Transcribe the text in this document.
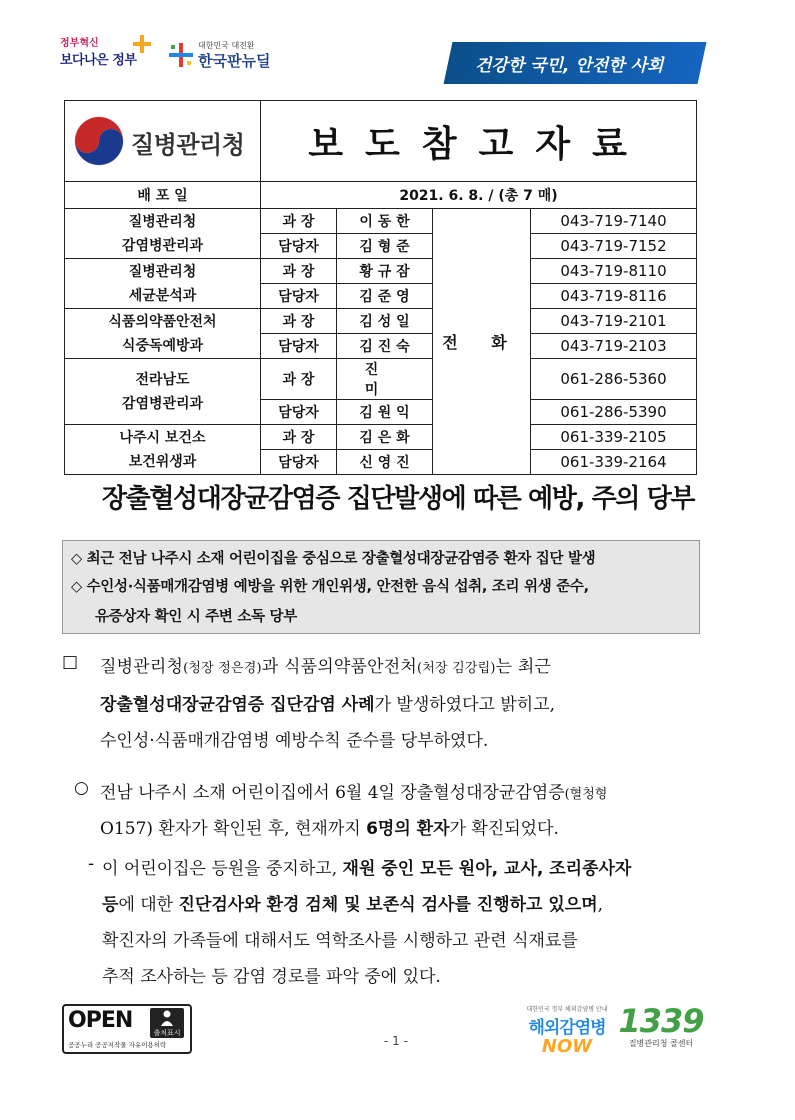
정부혁신
보다나은 정부
대한민국 대전환
한국판뉴딜	건강한 국민, 안전한 사회
질병관리청	보도참고자료			
배 포 일	2021. 6. 8. / (총 7 매)			
질병관리청
감염병관리과	과 장	이 동 한	전 화	043-719-7140
	담당자	김 형 준		043-719-7152
질병관리청
세균분석과	과 장	황 규 잠		043-719-8110
	담당자	김 준 영		043-719-8116
식품의약품안전처
식중독예방과	과 장	김 성 일		043-719-2101
	담당자	김 진 숙		043-719-2103
전라남도
감염병관리과	과 장	진 미		061-286-5360
	담당자	김 원 익		061-286-5390
나주시 보건소
보건위생과	과 장	김 은 화		061-339-2105
	담당자	신 영 진		061-339-2164
장출혈성대장균감염증 집단발생에 따른 예방, 주의 당부
◇ 최근 전남 나주시 소재 어린이집을 중심으로 장출혈성대장균감염증 환자 집단 발생
◇ 수인성·식품매개감염병 예방을 위한 개인위생, 안전한 음식 섭취, 조리 위생 준수,
유증상자 확인 시 주변 소독 당부
□ 질병관리청(청장 정은경)과 식품의약품안전처(처장 김강립)는 최근
장출혈성대장균감염증 집단감염 사례가 발생하였다고 밝히고,
수인성·식품매개감염병 예방수칙 준수를 당부하였다.
○ 전남 나주시 소재 어린이집에서 6월 4일 장출혈성대장균감염증(혈청형
O157) 환자가 확인된 후, 현재까지 6명의 환자가 확진되었다.
- 이 어린이집은 등원을 중지하고, 재원 중인 모든 원아, 교사, 조리종사자
등에 대한 진단검사와 환경 검체 및 보존식 검사를 진행하고 있으며,
확진자의 가족들에 대해서도 역학조사를 시행하고 관련 식재료를
추적 조사하는 등 감염 경로를 파악 중에 있다.
OPEN	출처표시
공공누리 공공저작물 자유이용허락	- 1 -
대한민국 정부 해외감염병 안내
해외감염병
NOW
1339
질병관리청 콜센터
